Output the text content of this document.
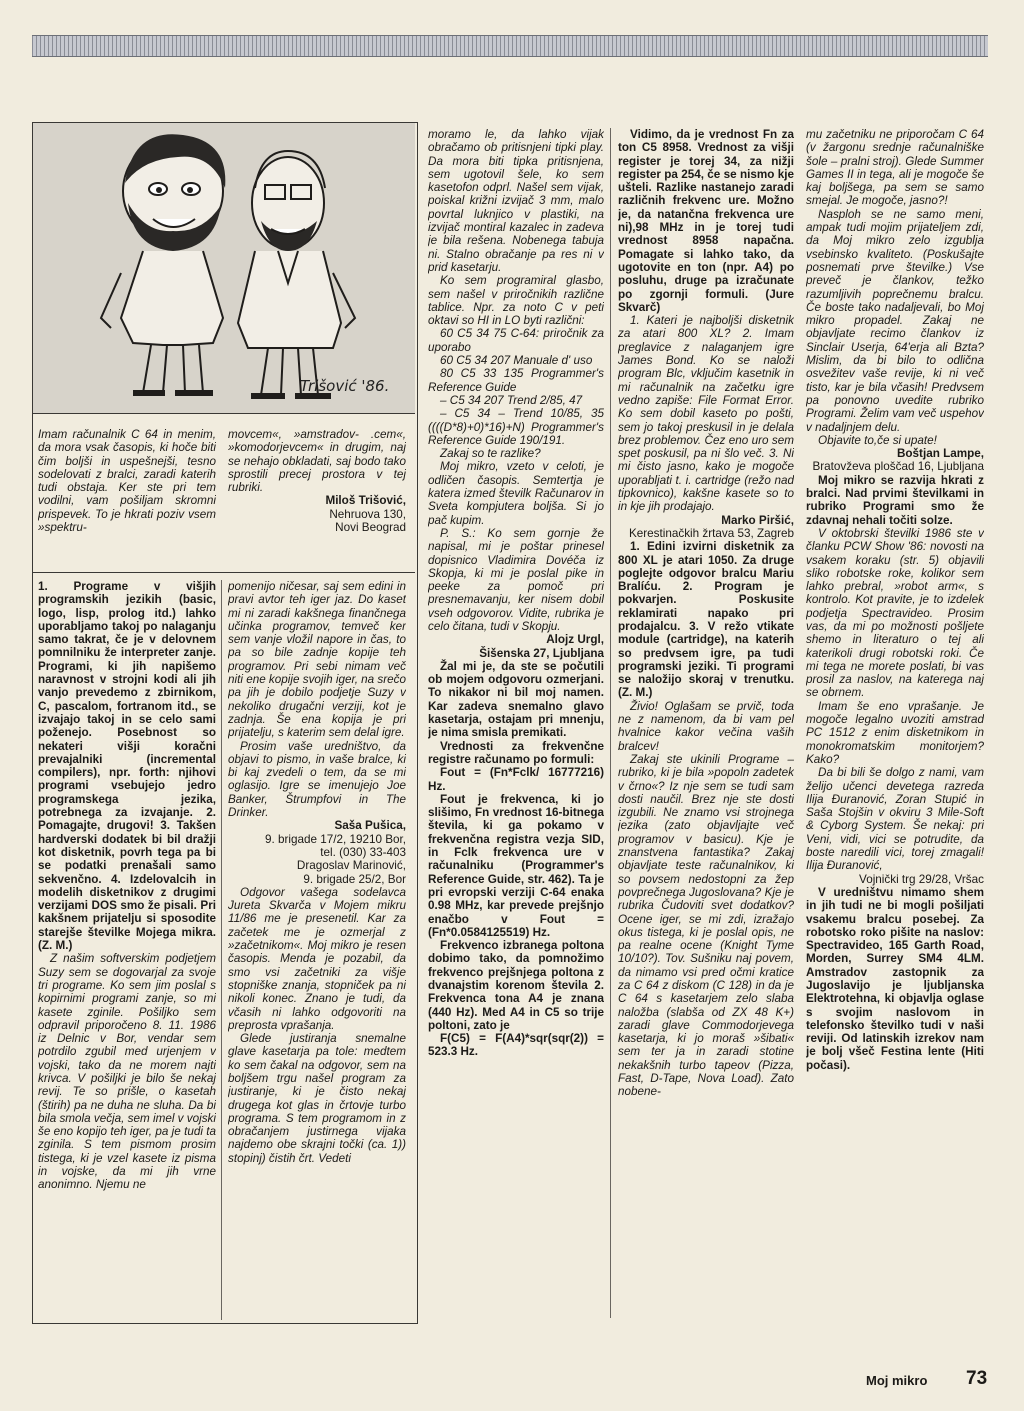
Trišović '86.

Imam računalnik C 64 in menim, da mora vsak časopis, ki hoče biti čim boljši in uspešnejši, tesno sodelovati z bralci, zaradi katerih tudi obstaja. Ker ste pri tem vodilni, vam pošiljam skromni prispevek. To je hkrati poziv vsem »spektru-

movcem«, »amstradov- .cem«, »komodorjevcem« in drugim, naj se nehajo obkladati, saj bodo tako sprostili precej prostora v tej rubriki.

Miloš Trišović,

Nehruova 130,

Novi Beograd

1. Programe v višjih programskih jezikih (basic, logo, lisp, prolog itd.) lahko uporabljamo takoj po nalaganju samo takrat, če je v delovnem pomnilniku že interpreter zanje. Programi, ki jih napišemo naravnost v strojni kodi ali jih vanjo prevedemo z zbirnikom, C, pascalom, fortranom itd., se izvajajo takoj in se celo sami poženejo. Posebnost so nekateri višji koračni prevajalniki (incremental compilers), npr. forth: njihovi programi vsebujejo jedro programskega jezika, potrebnega za izvajanje. 2. Pomagajte, drugovi! 3. Takšen hardverski dodatek bi bil dražji kot disketnik, povrh tega pa bi se podatki prenašali samo sekvenčno. 4. Izdelovalcih in modelih disketnikov z drugimi verzijami DOS smo že pisali. Pri kakšnem prijatelju si sposodite starejše številke Mojega mikra. (Z. M.)

Z našim softverskim podjetjem Suzy sem se dogovarjal za svoje tri programe. Ko sem jim poslal s kopirnimi programi zanje, so mi kasete zginile. Pošiljko sem odpravil priporočeno 8. 11. 1986 iz Delnic v Bor, vendar sem potrdilo zgubil med urjenjem v vojski, tako da ne morem najti krivca. V pošiljki je bilo še nekaj revij. Te so prišle, o kasetah (štirih) pa ne duha ne sluha. Da bi bila smola večja, sem imel v vojski še eno kopijo teh iger, pa je tudi ta zginila. S tem pismom prosim tistega, ki je vzel kasete iz pisma in vojske, da mi jih vrne anonimno. Njemu ne

pomenijo ničesar, saj sem edini in pravi avtor teh iger jaz. Do kaset mi ni zaradi kakšnega finančnega učinka programov, temveč ker sem vanje vložil napore in čas, to pa so bile zadnje kopije teh programov. Pri sebi nimam več niti ene kopije svojih iger, na srečo pa jih je dobilo podjetje Suzy v nekoliko drugačni verziji, kot je zadnja. Še ena kopija je pri prijatelju, s katerim sem delal igre.

Prosim vaše uredništvo, da objavi to pismo, in vaše bralce, ki bi kaj zvedeli o tem, da se mi oglasijo. Igre se imenujejo Joe Banker, Štrumpfovi in The Drinker.

Saša Pušica,

9. brigade 17/2, 19210 Bor,

tel. (030) 33-403

Dragoslav Marinović,

9. brigade 25/2, Bor

Odgovor vašega sodelavca Jureta Skvarča v Mojem mikru 11/86 me je presenetil. Kar za začetek me je ozmerjal z »začetnikom«. Moj mikro je resen časopis. Menda je pozabil, da smo vsi začetniki za višje stopniške znanja, stopniček pa ni nikoli konec. Znano je tudi, da včasih ni lahko odgovoriti na preprosta vprašanja.

Glede justiranja snemalne glave kasetarja pa tole: medtem ko sem čakal na odgovor, sem na boljšem trgu našel program za justiranje, ki je čisto nekaj drugega kot glas in črtovje turbo programa. S tem programom in z obračanjem justirnega vijaka najdemo obe skrajni točki (ca. 1)) stopinj) čistih črt. Vedeti

moramo le, da lahko vijak obračamo ob pritisnjeni tipki play. Da mora biti tipka pritisnjena, sem ugotovil šele, ko sem kasetofon odprl. Našel sem vijak, poiskal križni izvijač 3 mm, malo povrtal luknjico v plastiki, na izvijač montiral kazalec in zadeva je bila rešena. Nobenega tabuja ni. Stalno obračanje pa res ni v prid kasetarju.

Ko sem programiral glasbo, sem našel v priročnikih različne tablice. Npr. za noto C v peti oktavi so HI in LO byti različni:

60 C5 34 75 C-64: priročnik za uporabo

60 C5 34 207 Manuale d' uso

80 C5 33 135 Programmer's Reference Guide

– C5 34 207 Trend 2/85, 47

– C5 34 – Trend 10/85, 35 ((((D*8)+0)*16)+N) Programmer's Reference Guide 190/191.

Zakaj so te razlike?

Moj mikro, vzeto v celoti, je odličen časopis. Semtertja je katera izmed številk Računarov in Sveta kompjutera boljša. Si jo pač kupim.

P. S.: Ko sem gornje že napisal, mi je poštar prinesel dopisnico Vladimira Dovéča iz Skopja, ki mi je poslal pike in peeke za pomoč pri presnemavanju, ker nisem dobil vseh odgovorov. Vidite, rubrika je celo čitana, tudi v Skopju.

Alojz Urgl,

Šišenska 27, Ljubljana

Žal mi je, da ste se počutili ob mojem odgovoru ozmerjani. To nikakor ni bil moj namen. Kar zadeva snemalno glavo kasetarja, ostajam pri mnenju, je nima smisla premikati.

Vrednosti za frekvenčne registre računamo po formuli:

Fout = (Fn*Fclk/ 16777216) Hz.

Fout je frekvenca, ki jo slišimo, Fn vrednost 16-bitnega števila, ki ga pokamo v frekvenčna registra vezja SID, in Fclk frekvenca ure v računalniku (Programmer's Reference Guide, str. 462). Ta je pri evropski verziji C-64 enaka 0.98 MHz, kar prevede prejšnjo enačbo v Fout = (Fn*0.0584125519) Hz.

Frekvenco izbranega poltona dobimo tako, da pomnožimo frekvenco prejšnjega poltona z dvanajstim korenom števila 2. Frekvenca tona A4 je znana (440 Hz). Med A4 in C5 so trije poltoni, zato je

F(C5) = F(A4)*sqr(sqr(2)) = 523.3 Hz.

Vidimo, da je vrednost Fn za ton C5 8958. Vrednost za višji register je torej 34, za nižji register pa 254, če se nismo kje ušteli. Razlike nastanejo zaradi različnih frekvenc ure. Možno je, da natančna frekvenca ure ni),98 MHz in je torej tudi vrednost 8958 napačna. Pomagate si lahko tako, da ugotovite en ton (npr. A4) po posluhu, druge pa izračunate po zgornji formuli. (Jure Skvarč)

1. Kateri je najboljši disketnik za atari 800 XL? 2. Imam preglavice z nalaganjem igre James Bond. Ko se naloži program Blc, vključim kasetnik in mi računalnik na začetku igre vedno zapiše: File Format Error. Ko sem dobil kaseto po pošti, sem jo takoj preskusil in je delala brez problemov. Čez eno uro sem spet poskusil, pa ni šlo več. 3. Ni mi čisto jasno, kako je mogoče uporabljati t. i. cartridge (režo nad tipkovnico), kakšne kasete so to in kje jih prodajajo.

Marko Piršić,

Kerestinačkih žrtava 53, Zagreb

1. Edini izvirni disketnik za 800 XL je atari 1050. Za druge poglejte odgovor bralcu Mariu Bralíću. 2. Program je pokvarjen. Poskusite reklamirati napako pri prodajalcu. 3. V režo vtikate module (cartridge), na katerih so predvsem igre, pa tudi programski jeziki. Ti programi se naložijo skoraj v trenutku. (Z. M.)

Živio! Oglašam se prvič, toda ne z namenom, da bi vam pel hvalnice kakor večina vaših bralcev!

Zakaj ste ukinili Programe – rubriko, ki je bila »popoln zadetek v črno«? Iz nje sem se tudi sam dosti naučil. Brez nje ste dosti izgubili. Ne znamo vsi strojnega jezika (zato objavljajte več programov v basicu). Kje je znanstvena fantastika? Zakaj objavljate teste računalnikov, ki so povsem nedostopni za žep povprečnega Jugoslovana? Kje je rubrika Čudoviti svet dodatkov? Ocene iger, se mi zdi, izražajo okus tistega, ki je poslal opis, ne pa realne ocene (Knight Tyme 10/10?). Tov. Sušniku naj povem, da nimamo vsi pred očmi kratice za C 64 z diskom (C 128) in da je C 64 s kasetarjem zelo slaba naložba (slabša od ZX 48 K+) zaradi glave Commodorjevega kasetarja, ki jo moraš »šibati« sem ter ja in zaradi stotine nekakšnih turbo tapeov (Pizza, Fast, D-Tape, Nova Load). Zato nobene-

mu začetniku ne priporočam C 64 (v žargonu srednje računalniške šole – pralni stroj). Glede Summer Games II in tega, ali je mogoče še kaj boljšega, pa sem se samo smejal. Je mogoče, jasno?!

Nasploh se ne samo meni, ampak tudi mojim prijateljem zdi, da Moj mikro zelo izgublja vsebinsko kvaliteto. (Poskušajte posnemati prve številke.) Vse preveč je člankov, težko razumljivih poprečnemu bralcu. Če boste tako nadaljevali, bo Moj mikro propadel. Zakaj ne objavljate recimo člankov iz Sinclair Userja, 64'erja ali Bzta? Mislim, da bi bilo to odlična osvežitev vaše revije, ki ni več tisto, kar je bila včasih! Predvsem pa ponovno uvedite rubriko Programi. Želim vam več uspehov v nadaljnjem delu.

Objavite to,če si upate!

Boštjan Lampe,

Bratovževa ploščad 16, Ljubljana

Moj mikro se razvija hkrati z bralci. Nad prvimi številkami in rubriko Programi smo že zdavnaj nehali točiti solze.

V oktobrski številki 1986 ste v članku PCW Show '86: novosti na vsakem koraku (str. 5) objavili sliko robotske roke, kolikor sem lahko prebral, »robot arm«, s kontrolo. Kot pravite, je to izdelek podjetja Spectravideo. Prosim vas, da mi po možnosti pošljete shemo in literaturo o tej ali katerikoli drugi robotski roki. Če mi tega ne morete poslati, bi vas prosil za naslov, na katerega naj se obrnem.

Imam še eno vprašanje. Je mogoče legalno uvoziti amstrad PC 1512 z enim disketnikom in monokromatskim monitorjem? Kako?

Da bi bili še dolgo z nami, vam želijo učenci devetega razreda Ilija Đuranović, Zoran Stupić in Saša Stojšin v okviru 3 Mile-Soft & Cyborg System. Še nekaj: pri Veni, vidi, vici se potrudite, da boste naredili vici, torej zmagali! Ilija Đuranović,

Vojnički trg 29/28, Vršac

V uredništvu nimamo shem in jih tudi ne bi mogli pošiljati vsakemu bralcu posebej. Za robotsko roko pišite na naslov: Spectravideo, 165 Garth Road, Morden, Surrey SM4 4LM. Amstradov zastopnik za Jugoslavijo je ljubljanska Elektrotehna, ki objavlja oglase s svojim naslovom in telefonsko številko tudi v naši reviji. Od latinskih izrekov nam je bolj všeč Festina lente (Hiti počasi).

Moj mikro 73
